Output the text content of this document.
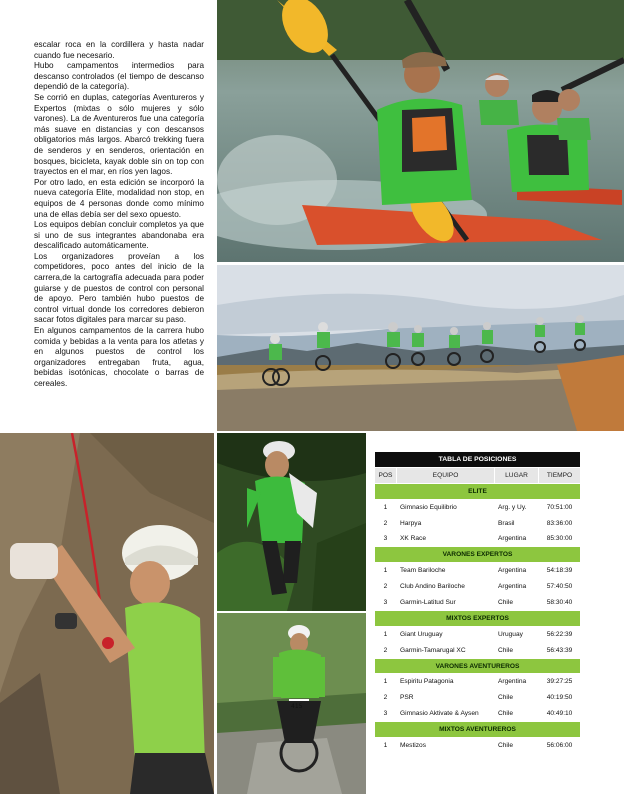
escalar roca en la cordillera y hasta nadar cuando fue necesario.

Hubo campamentos intermedios para descanso controlados (el tiempo de descanso dependió de la categoría).

Se corrió en duplas, categorías Aventureros y Expertos (mixtas o sólo mujeres y sólo varones). La de Aventureros fue una categoría más suave en distancias y con descansos obligatorios más largos. Abarcó trekking fuera de senderos y en senderos, orientación en bosques, bicicleta, kayak doble sin on top con trayectos en el mar, en ríos yen lagos.

Por otro lado, en esta edición se incorporó la nueva categoría Elite, modalidad non stop, en equipos de 4 personas donde como mínimo una de ellas debía ser del sexo opuesto.

Los equipos debían concluir completos ya que si uno de sus integrantes abandonaba era descalificado automáticamente.

Los organizadores proveían a los competidores, poco antes del inicio de la carrera,de la cartografía adecuada para poder guiarse y de puestos de control con personal de apoyo. Pero también hubo puestos de control virtual donde los corredores debieron sacar fotos digitales para marcar su paso.

En algunos campamentos de la carrera hubo comida y bebidas a la venta para los atletas y en algunos puestos de control los organizadores entregaban fruta, agua, bebidas isotónicas, chocolate o barras de cereales.

415
TABLA DE POSICIONES			
POS	EQUIPO	LUGAR	TIEMPO
ELITE			
1	Gimnasio Equilibrio	Arg. y Uy.	70:51:00
2	Harpya	Brasil	83:36:00
3	XK Race	Argentina	85:30:00
VARONES EXPERTOS			
1	Team Bariloche	Argentina	54:18:39
2	Club Andino Bariloche	Argentina	57:40:50
3	Garmin-Latitud Sur	Chile	58:30:40
MIXTOS EXPERTOS			
1	Giant Uruguay	Uruguay	56:22:39
2	Garmin-Tamarugal XC	Chile	56:43:39
VARONES AVENTUREROS			
1	Espiritu Patagonia	Argentina	39:27:25
2	PSR	Chile	40:19:50
3	Gimnasio Aktivate & Aysen	Chile	40:49:10
MIXTOS AVENTUREROS			
1	Mestizos	Chile	56:06:00
